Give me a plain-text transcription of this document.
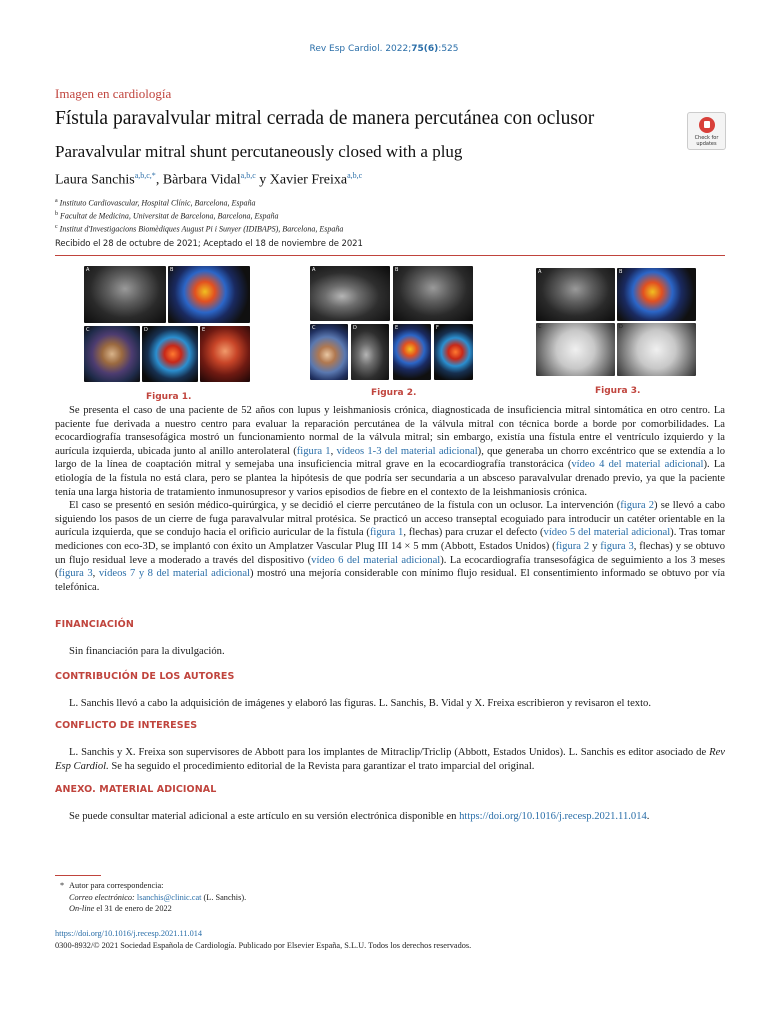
Rev Esp Cardiol. 2022;75(6):525
Imagen en cardiología
Fístula paravalvular mitral cerrada de manera percutánea con oclusor
Paravalvular mitral shunt percutaneously closed with a plug
Check for updates
Laura Sanchis$^{a,b,c,*}$, Bàrbara Vidal$^{a,b,c}$ y Xavier Freixa$^{a,b,c}$
$^a$ Instituto Cardiovascular, Hospital Clínic, Barcelona, España
$^b$ Facultat de Medicina, Universitat de Barcelona, Barcelona, España
$^c$ Institut d'Investigacions Biomèdiques August Pi i Sunyer (IDIBAPS), Barcelona, España
Recibido el 28 de octubre de 2021; Aceptado el 18 de noviembre de 2021
A	B
C	D	E
Figura 1.
A	B
C	D	E	F
Figura 2.
A	B
C	D
Figura 3.

Se presenta el caso de una paciente de 52 años con lupus y leishmaniosis crónica, diagnosticada de insuficiencia mitral sintomática en otro centro. La paciente fue derivada a nuestro centro para evaluar la reparación percutánea de la válvula mitral con técnica borde a borde por comorbilidades. La ecocardiografía transesofágica mostró un funcionamiento normal de la válvula mitral; sin embargo, existía una fístula entre el ventrículo izquierdo y la aurícula izquierda, ubicada junto al anillo anterolateral (figura 1, vídeos 1-3 del material adicional), que generaba un chorro excéntrico que se extendía a lo largo de la línea de coaptación mitral y semejaba una insuficiencia mitral grave en la ecocardiografía transtorácica (vídeo 4 del material adicional). La etiología de la fístula no está clara, pero se plantea la hipótesis de que podría ser secundaria a un absceso paravalvular drenado previo, ya que la paciente tenía una larga historia de tratamiento inmunosupresor y varios episodios de fiebre en el contexto de la leishmaniosis crónica.

El caso se presentó en sesión médico-quirúrgica, y se decidió el cierre percutáneo de la fístula con un oclusor. La intervención (figura 2) se llevó a cabo siguiendo los pasos de un cierre de fuga paravalvular mitral protésica. Se practicó un acceso transeptal ecoguiado para introducir un catéter orientable en la aurícula izquierda, que se condujo hacia el orificio auricular de la fístula (figura 1, flechas) para cruzar el defecto (vídeo 5 del material adicional). Tras tomar mediciones con eco-3D, se implantó con éxito un Amplatzer Vascular Plug III 14 × 5 mm (Abbott, Estados Unidos) (figura 2 y figura 3, flechas) y se obtuvo un flujo residual leve a moderado a través del dispositivo (vídeo 6 del material adicional). La ecocardiografía transesofágica de seguimiento a los 3 meses (figura 3, vídeos 7 y 8 del material adicional) mostró una mejoría considerable con mínimo flujo residual. El consentimiento informado se obtuvo por vía telefónica.

FINANCIACIÓN
Sin financiación para la divulgación.
CONTRIBUCIÓN DE LOS AUTORES
L. Sanchis llevó a cabo la adquisición de imágenes y elaboró las figuras. L. Sanchis, B. Vidal y X. Freixa escribieron y revisaron el texto.
CONFLICTO DE INTERESES
L. Sanchis y X. Freixa son supervisores de Abbott para los implantes de Mitraclip/Triclip (Abbott, Estados Unidos). L. Sanchis es editor asociado de Rev Esp Cardiol. Se ha seguido el procedimiento editorial de la Revista para garantizar el trato imparcial del original.
ANEXO. MATERIAL ADICIONAL
Se puede consultar material adicional a este artículo en su versión electrónica disponible en https://doi.org/10.1016/j.recesp.2021.11.014.
* Autor para correspondencia:
Correo electrónico: lsanchis@clinic.cat (L. Sanchis).
On-line el 31 de enero de 2022
https://doi.org/10.1016/j.recesp.2021.11.014
0300-8932/© 2021 Sociedad Española de Cardiología. Publicado por Elsevier España, S.L.U. Todos los derechos reservados.
